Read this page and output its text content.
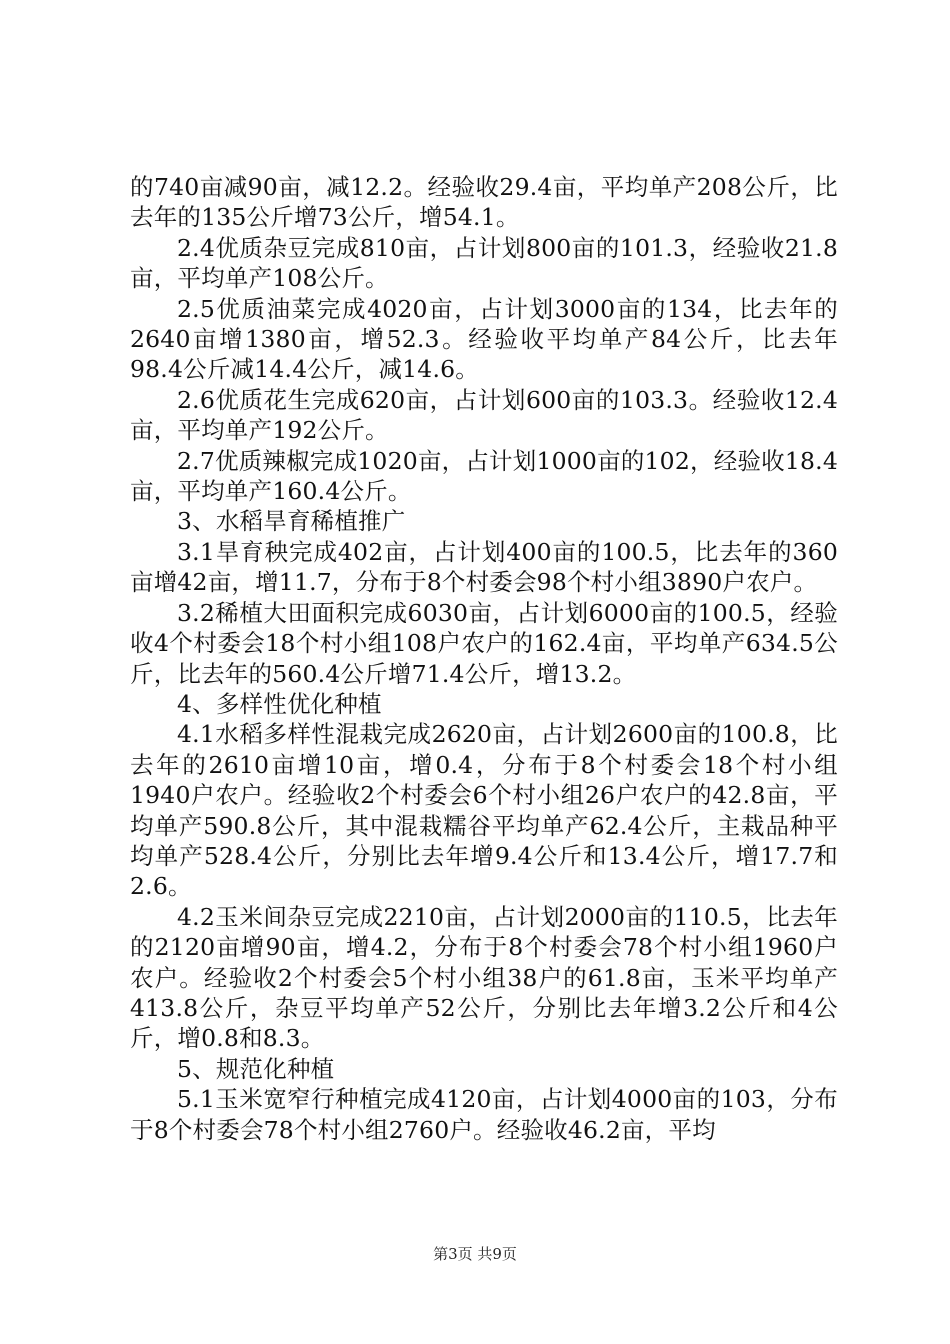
的740亩减90亩，减12.2。经验收29.4亩，平均单产208公斤，比去年的135公斤增73公斤，增54.1。

2.4优质杂豆完成810亩，占计划800亩的101.3，经验收21.8亩，平均单产108公斤。

2.5优质油菜完成4020亩，占计划3000亩的134，比去年的2640亩增1380亩，增52.3。经验收平均单产84公斤，比去年98.4公斤减14.4公斤，减14.6。

2.6优质花生完成620亩，占计划600亩的103.3。经验收12.4亩，平均单产192公斤。

2.7优质辣椒完成1020亩，占计划1000亩的102，经验收18.4亩，平均单产160.4公斤。

3、水稻旱育稀植推广

3.1旱育秧完成402亩，占计划400亩的100.5，比去年的360亩增42亩，增11.7，分布于8个村委会98个村小组3890户农户。

3.2稀植大田面积完成6030亩，占计划6000亩的100.5，经验收4个村委会18个村小组108户农户的162.4亩，平均单产634.5公斤，比去年的560.4公斤增71.4公斤，增13.2。

4、多样性优化种植

4.1水稻多样性混栽完成2620亩，占计划2600亩的100.8，比去年的2610亩增10亩，增0.4，分布于8个村委会18个村小组1940户农户。经验收2个村委会6个村小组26户农户的42.8亩，平均单产590.8公斤，其中混栽糯谷平均单产62.4公斤，主栽品种平均单产528.4公斤，分别比去年增9.4公斤和13.4公斤，增17.7和2.6。

4.2玉米间杂豆完成2210亩，占计划2000亩的110.5，比去年的2120亩增90亩，增4.2，分布于8个村委会78个村小组1960户农户。经验收2个村委会5个村小组38户的61.8亩，玉米平均单产413.8公斤，杂豆平均单产52公斤，分别比去年增3.2公斤和4公斤，增0.8和8.3。

5、规范化种植

5.1玉米宽窄行种植完成4120亩，占计划4000亩的103，分布于8个村委会78个村小组2760户。经验收46.2亩，平均

第3页 共9页
